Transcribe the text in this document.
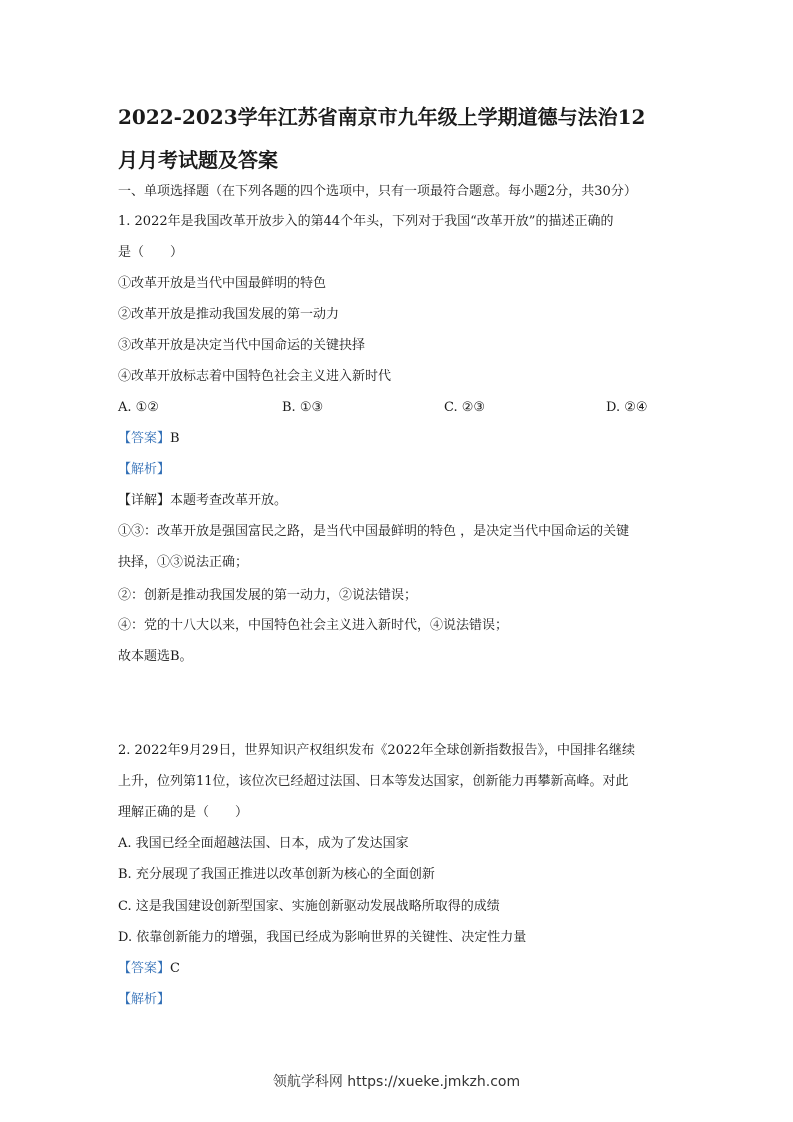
2022-2023学年江苏省南京市九年级上学期道德与法治12
月月考试题及答案
一、单项选择题（在下列各题的四个选项中，只有一项最符合题意。每小题2分，共30分）
1. 2022年是我国改革开放步入的第44个年头，下列对于我国“改革开放”的描述正确的
是（　　）
①改革开放是当代中国最鲜明的特色
②改革开放是推动我国发展的第一动力
③改革开放是决定当代中国命运的关键抉择
④改革开放标志着中国特色社会主义进入新时代
A. ①②	B. ①③	C. ②③	D. ②④
【答案】B
【解析】
【详解】本题考查改革开放。
①③：改革开放是强国富民之路，是当代中国最鲜明的特色 ，是决定当代中国命运的关键
抉择，①③说法正确；
②：创新是推动我国发展的第一动力，②说法错误；
④：党的十八大以来，中国特色社会主义进入新时代，④说法错误；
故本题选B。
2. 2022年9月29日，世界知识产权组织发布《2022年全球创新指数报告》，中国排名继续
上升，位列第11位，该位次已经超过法国、日本等发达国家，创新能力再攀新高峰。对此
理解正确的是（　　）
A. 我国已经全面超越法国、日本，成为了发达国家
B. 充分展现了我国正推进以改革创新为核心的全面创新
C. 这是我国建设创新型国家、实施创新驱动发展战略所取得的成绩
D. 依靠创新能力的增强，我国已经成为影响世界的关键性、决定性力量
【答案】C
【解析】
领航学科网 https://xueke.jmkzh.com
